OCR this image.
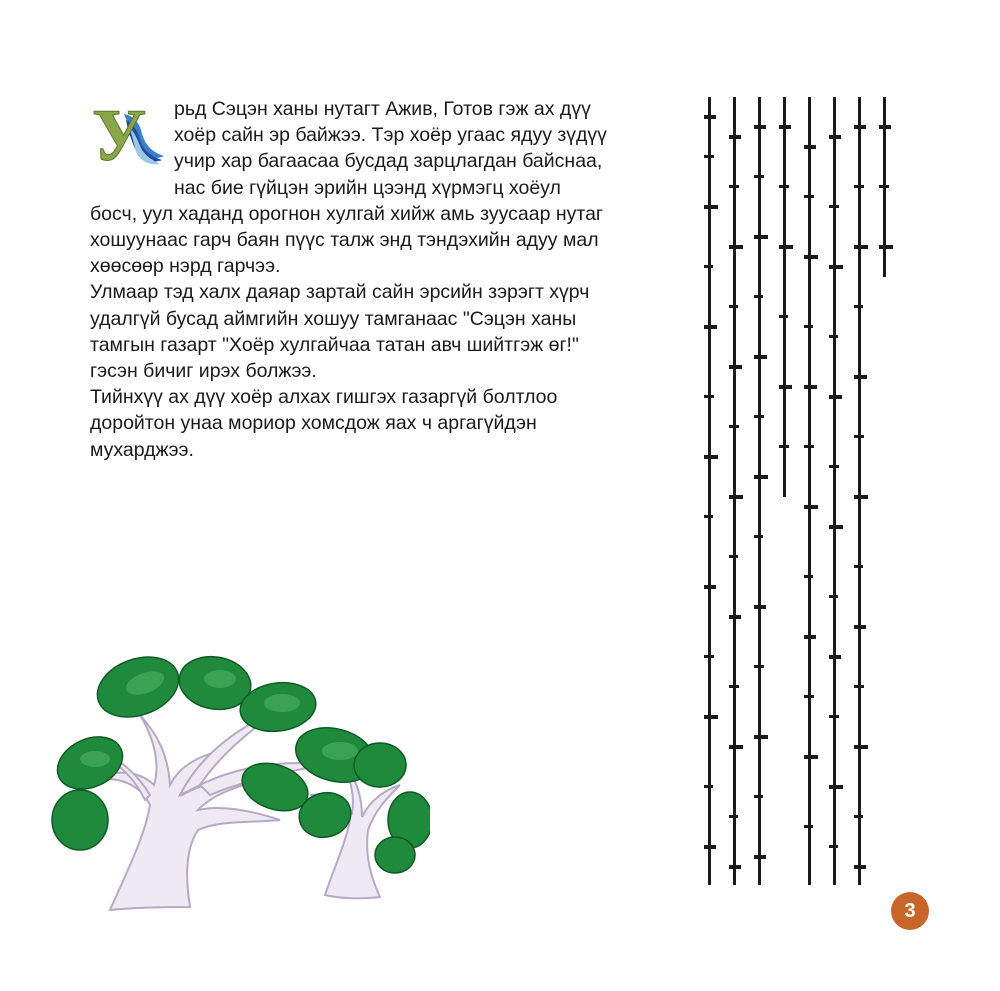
У	рьд Сэцэн ханы нутагт Ажив, Готов гэж ах дүү
хоёр сайн эр байжээ. Тэр хоёр угаас ядуу зүдүү
учир хар багаасаа бусдад зарцлагдан байснаа,
нас бие гүйцэн эрийн цээнд хүрмэгц хоёул
босч, уул хаданд орогнон хулгай хийж амь зуусаар нутаг
хошуунаас гарч баян пүүс талж энд тэндэхийн адуу мал
хөөсөөр нэрд гарчээ.

Улмаар тэд халх даяар зартай сайн эрсийн зэрэгт хүрч
удалгүй бусад аймгийн хошуу тамганаас "Сэцэн ханы
тамгын газарт "Хоёр хулгайчаа татан авч шийтгэж өг!"
гэсэн бичиг ирэх болжээ.

Тийнхүү ах дүү хоёр алхах гишгэх газаргүй болтлоо
доройтон унаа мориор хомсдож яах ч аргагүйдэн
мухарджээ.

3
